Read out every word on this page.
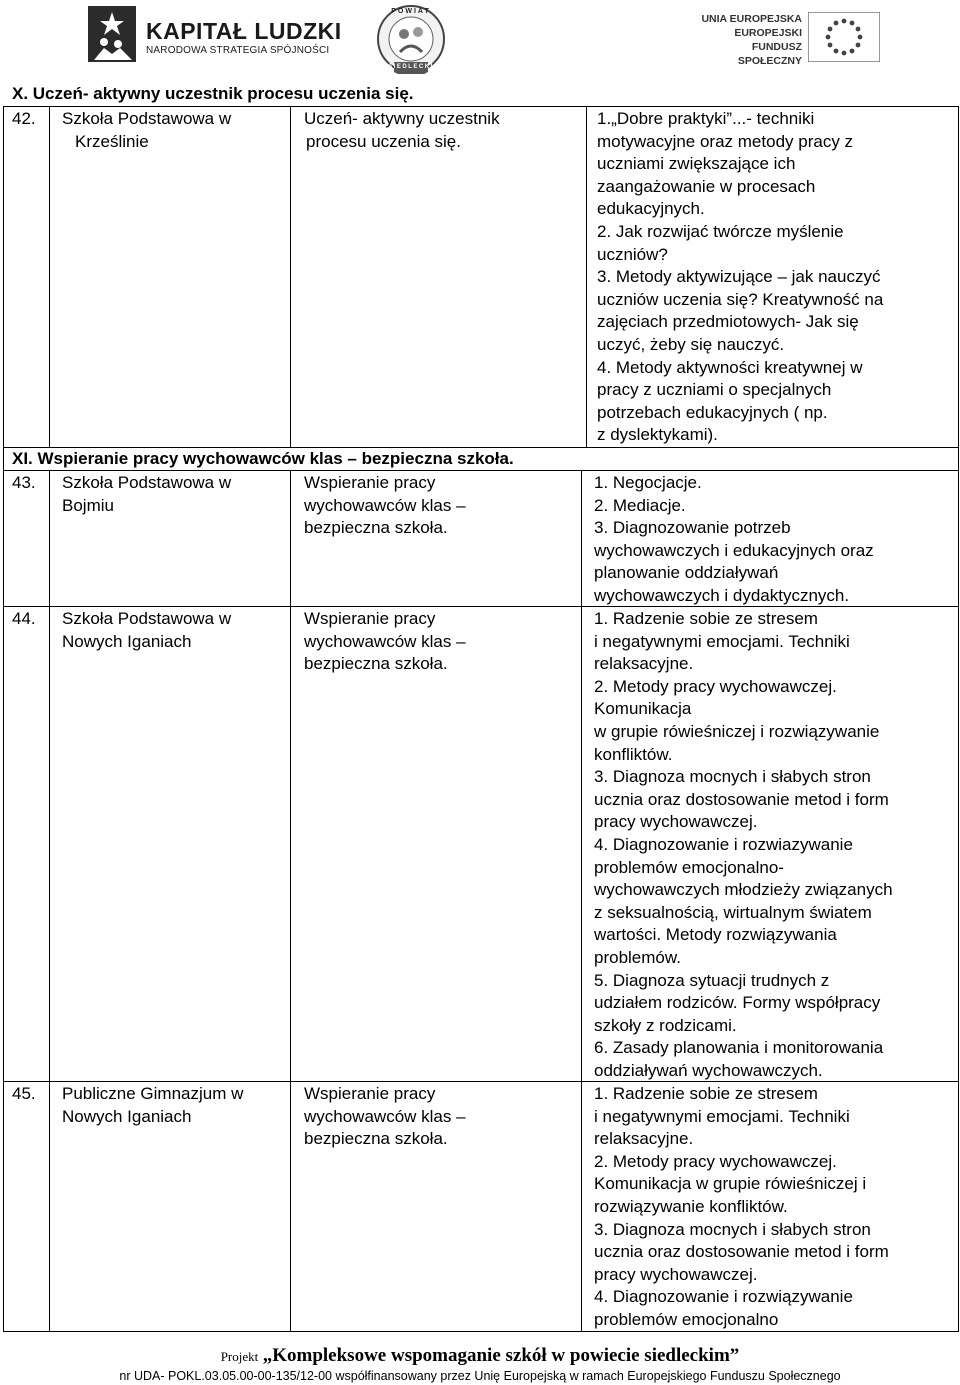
KAPITAŁ LUDZKI
NARODOWA STRATEGIA SPÓJNOŚCI
POWIAT
SIEDLECKI
UNIA EUROPEJSKA
EUROPEJSKI
FUNDUSZ SPOŁECZNY
X. Uczeń- aktywny uczestnik procesu uczenia się.
42. Szkoła Podstawowa w
Krześlinie
Uczeń- aktywny uczestnik
procesu uczenia się.
1.„Dobre praktyki”...- techniki
motywacyjne oraz metody pracy z
uczniami zwiększające ich
zaangażowanie w procesach
edukacyjnych.
2. Jak rozwijać twórcze myślenie
uczniów?
3. Metody aktywizujące – jak nauczyć
uczniów uczenia się? Kreatywność na
zajęciach przedmiotowych- Jak się
uczyć, żeby się nauczyć.
4. Metody aktywności kreatywnej w
pracy z uczniami o specjalnych
potrzebach edukacyjnych ( np.
z dyslektykami).
XI. Wspieranie pracy wychowawców klas – bezpieczna szkoła.
43. Szkoła Podstawowa w
Bojmiu
Wspieranie pracy
wychowawców klas –
bezpieczna szkoła.
1. Negocjacje.
2. Mediacje.
3. Diagnozowanie potrzeb
wychowawczych i edukacyjnych oraz
planowanie oddziaływań
wychowawczych i dydaktycznych.
44. Szkoła Podstawowa w
Nowych Iganiach
Wspieranie pracy
wychowawców klas –
bezpieczna szkoła.
1. Radzenie sobie ze stresem
i negatywnymi emocjami. Techniki
relaksacyjne.
2. Metody pracy wychowawczej.
Komunikacja
w grupie rówieśniczej i rozwiązywanie
konfliktów.
3. Diagnoza mocnych i słabych stron
ucznia oraz dostosowanie metod i form
pracy wychowawczej.
4. Diagnozowanie i rozwiazywanie
problemów emocjonalno-
wychowawczych młodzieży związanych
z seksualnością, wirtualnym światem
wartości. Metody rozwiązywania
problemów.
5. Diagnoza sytuacji trudnych z
udziałem rodziców. Formy współpracy
szkoły z rodzicami.
6. Zasady planowania i monitorowania
oddziaływań wychowawczych.
45. Publiczne Gimnazjum w
Nowych Iganiach
Wspieranie pracy
wychowawców klas –
bezpieczna szkoła.
1. Radzenie sobie ze stresem
i negatywnymi emocjami. Techniki
relaksacyjne.
2. Metody pracy wychowawczej.
Komunikacja w grupie rówieśniczej i
rozwiązywanie konfliktów.
3. Diagnoza mocnych i słabych stron
ucznia oraz dostosowanie metod i form
pracy wychowawczej.
4. Diagnozowanie i rozwiązywanie
problemów emocjonalno
Projekt „Kompleksowe wspomaganie szkół w powiecie siedleckim”
nr UDA- POKL.03.05.00-00-135/12-00 współfinansowany przez Unię Europejską w ramach Europejskiego Funduszu Społecznego
